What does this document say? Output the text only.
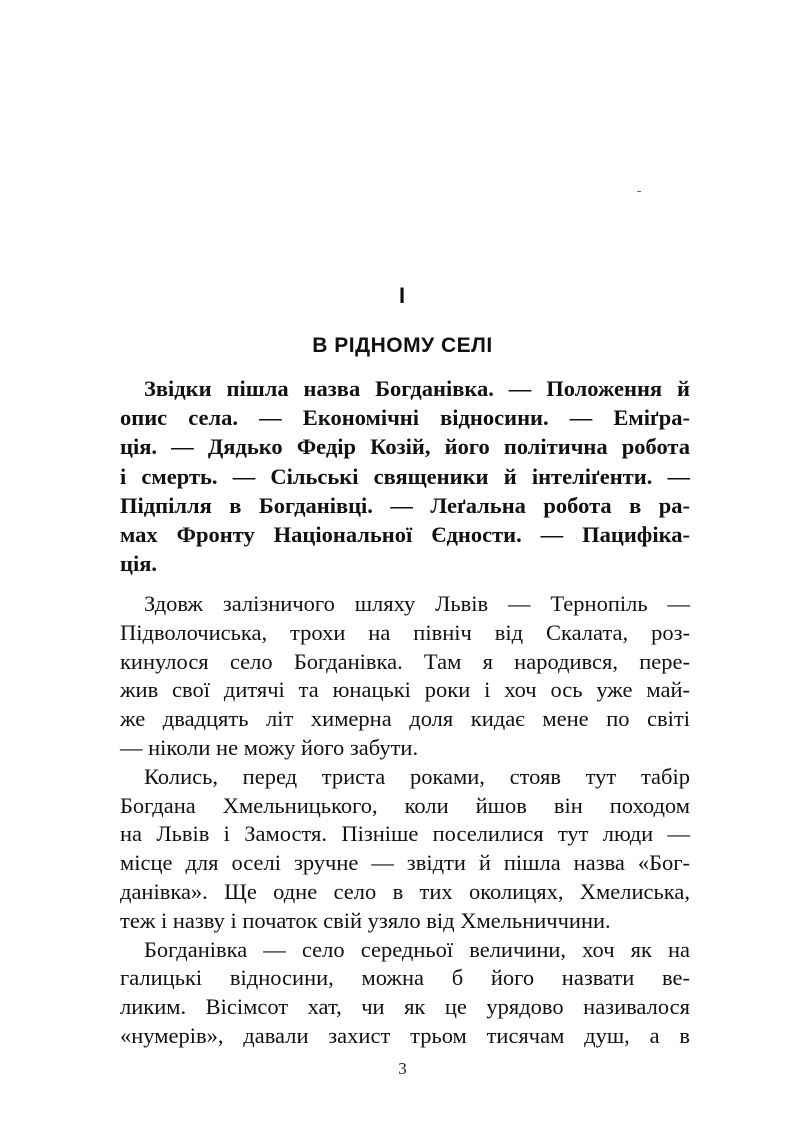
I
В РІДНОМУ СЕЛІ
Звідки пішла назва Богданівка. — Положення й
опис села. — Економічні відносини. — Еміґра-
ція. — Дядько Федір Козій, його політична робота
і смерть. — Сільські священики й інтеліґенти. —
Підпілля в Богданівці. — Леґальна робота в ра-
мах Фронту Національної Єдности. — Пацифіка-
ція.
Здовж залізничого шляху Львів — Тернопіль —
Підволочиська, трохи на північ від Скалата, роз-
кинулося село Богданівка. Там я народився, пере-
жив свої дитячі та юнацькі роки і хоч ось уже май-
же двадцять літ химерна доля кидає мене по світі
— ніколи не можу його забути.
Колись, перед триста роками, стояв тут табір
Богдана Хмельницького, коли йшов він походом
на Львів і Замостя. Пізніше поселилися тут люди —
місце для оселі зручне — звідти й пішла назва «Бог-
данівка». Ще одне село в тих околицях, Хмелиська,
теж і назву і початок свій узяло від Хмельниччини.
Богданівка — село середньої величини, хоч як на
галицькі відносини, можна б його назвати ве-
ликим. Вісімсот хат, чи як це урядово називалося
«нумерів», давали захист трьом тисячам душ, а в
3
